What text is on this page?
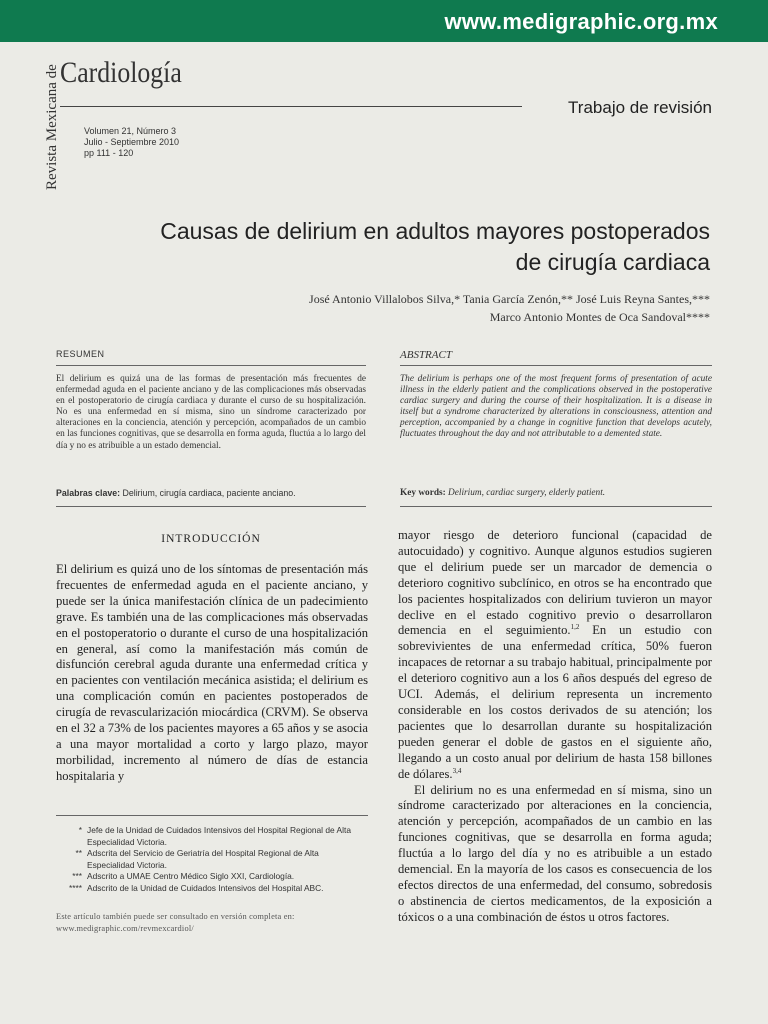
www.medigraphic.org.mx
Revista Mexicana de Cardiología
Trabajo de revisión
Volumen 21, Número 3
Julio - Septiembre 2010
pp 111 - 120
Causas de delirium en adultos mayores postoperados
de cirugía cardiaca
José Antonio Villalobos Silva,* Tania García Zenón,** José Luis Reyna Santes,***
Marco Antonio Montes de Oca Sandoval****
RESUMEN
El delirium es quizá una de las formas de presentación más frecuentes de enfermedad aguda en el paciente anciano y de las complicaciones más observadas en el postoperatorio de cirugía cardiaca y durante el curso de su hospitalización. No es una enfermedad en sí misma, sino un síndrome caracterizado por alteraciones en la conciencia, atención y percepción, acompañados de un cambio en las funciones cognitivas, que se desarrolla en forma aguda, fluctúa a lo largo del día y no es atribuible a un estado demencial.
Palabras clave: Delirium, cirugía cardiaca, paciente anciano.
ABSTRACT
The delirium is perhaps one of the most frequent forms of presentation of acute illness in the elderly patient and the complications observed in the postoperative cardiac surgery and during the course of their hospitalization. It is a disease in itself but a syndrome characterized by alterations in consciousness, attention and perception, accompanied by a change in cognitive function that develops acutely, fluctuates throughout the day and not attributable to a demented state.
Key words: Delirium, cardiac surgery, elderly patient.
INTRODUCCIÓN

El delirium es quizá uno de los síntomas de presentación más frecuentes de enfermedad aguda en el paciente anciano, y puede ser la única manifestación clínica de un padecimiento grave. Es también una de las complicaciones más observadas en el postoperatorio o durante el curso de una hospitalización en general, así como la manifestación más común de disfunción cerebral aguda durante una enfermedad crítica y en pacientes con ventilación mecánica asistida; el delirium es una complicación común en pacientes postoperados de cirugía de revascularización miocárdica (CRVM). Se observa en el 32 a 73% de los pacientes mayores a 65 años y se asocia a una mayor mortalidad a corto y largo plazo, mayor morbilidad, incremento al número de días de estancia hospitalaria y

mayor riesgo de deterioro funcional (capacidad de autocuidado) y cognitivo. Aunque algunos estudios sugieren que el delirium puede ser un marcador de demencia o deterioro cognitivo subclínico, en otros se ha encontrado que los pacientes hospitalizados con delirium tuvieron un mayor declive en el estado cognitivo previo o desarrollaron demencia en el seguimiento.$^{1,2}$ En un estudio con sobrevivientes de una enfermedad crítica, 50% fueron incapaces de retornar a su trabajo habitual, principalmente por el deterioro cognitivo aun a los 6 años después del egreso de UCI. Además, el delirium representa un incremento considerable en los costos derivados de su atención; los pacientes que lo desarrollan durante su hospitalización pueden generar el doble de gastos en el siguiente año, llegando a un costo anual por delirium de hasta 158 billones de dólares.$^{3,4}$

El delirium no es una enfermedad en sí misma, sino un síndrome caracterizado por alteraciones en la conciencia, atención y percepción, acompañados de un cambio en las funciones cognitivas, que se desarrolla en forma aguda; fluctúa a lo largo del día y no es atribuible a un estado demencial. En la mayoría de los casos es consecuencia de los efectos directos de una enfermedad, del consumo, sobredosis o abstinencia de ciertos medicamentos, de la exposición a tóxicos o a una combinación de éstos u otros factores.

* Jefe de la Unidad de Cuidados Intensivos del Hospital Regional de Alta Especialidad Victoria.
** Adscrita del Servicio de Geriatría del Hospital Regional de Alta Especialidad Victoria.
*** Adscrito a UMAE Centro Médico Siglo XXI, Cardiología.
**** Adscrito de la Unidad de Cuidados Intensivos del Hospital ABC.
Este artículo también puede ser consultado en versión completa en:
www.medigraphic.com/revmexcardiol/
